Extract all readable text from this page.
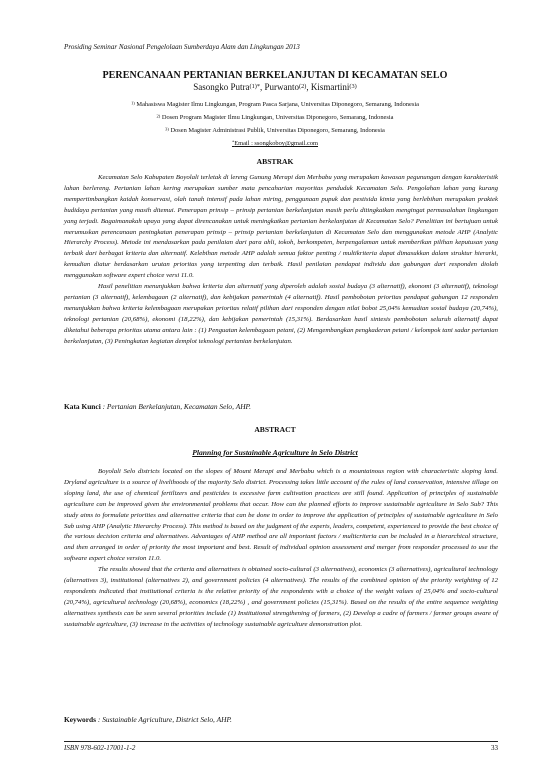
Prosiding Seminar Nasional Pengelolaan Sumberdaya Alam dan Lingkungan 2013
PERENCANAAN PERTANIAN BERKELANJUTAN DI KECAMATAN SELO
Sasongko Putra$^{(1)*}$, Purwanto$^{(2)}$, Kismartini$^{(3)}$
$^{1)}$ Mahasiswa Magister Ilmu Lingkungan, Program Pasca Sarjana, Universitas Diponegoro, Semarang, Indonesia
$^{2)}$ Dosen Program Magister Ilmu Lingkungan, Universitas Diponegoro, Semarang, Indonesia
$^{3)}$ Dosen Magister Administrasi Publik, Universitas Diponegoro, Semarang, Indonesia
*Email : ssongkoboy@gmail.com
ABSTRAK

Kecamatan Selo Kabupaten Boyolali terletak di lereng Gunung Merapi dan Merbabu yang merupakan kawasan pegunungan dengan karakteristik lahan berlereng. Pertanian lahan kering merupakan sumber mata pencaharian mayoritas penduduk Kecamatan Selo. Pengolahan lahan yang kurang mempertimbangkan kaidah konservasi, olah tanah intensif pada lahan miring, penggunaan pupuk dan pestisida kimia yang berlebihan merupakan praktek budidaya pertanian yang masih ditemui. Penerapan prinsip – prinsip pertanian berkelanjutan masih perlu ditingkatkan mengingat permasalahan lingkungan yang terjadi. Bagaimanakah upaya yang dapat direncanakan untuk meningkatkan pertanian berkelanjutan di Kecamatan Selo? Penelitian ini bertujuan untuk merumuskan perencanaan peningkatan penerapan prinsip – prinsip pertanian berkelanjutan di Kecamatan Selo dan menggunakan metode AHP (Analytic Hierarchy Process). Metode ini mendasarkan pada penilaian dari para ahli, tokoh, berkompeten, berpengalaman untuk memberikan pilihan keputusan yang terbaik dari berbagai kriteria dan alternatif. Kelebihan metode AHP adalah semua faktor penting / multikriteria dapat dimasukkan dalam struktur hierarki, kemudian diatur berdasarkan urutan prioritas yang terpenting dan terbaik. Hasil penilaian pendapat individu dan gabungan dari responden diolah menggunakan software expert choice versi 11.0.

Hasil penelitian menunjukkan bahwa kriteria dan alternatif yang diperoleh adalah sosial budaya (3 alternatif), ekonomi (3 alternatif), teknologi pertanian (3 alternatif), kelembagaan (2 alternatif), dan kebijakan pemerintah (4 alternatif). Hasil pembobotan prioritas pendapat gabungan 12 responden menunjukkan bahwa kriteria kelembagaan merupakan prioritas relatif pilihan dari responden dengan nilai bobot 25,04% kemudian sosial budaya (20,74%), teknologi pertanian (20,68%), ekonomi (18,22%), dan kebijakan pemerintah (15,31%). Berdasarkan hasil sintesis pembobotan seluruh alternatif dapat diketahui beberapa prioritas utama antara lain : (1) Penguatan kelembagaan petani, (2) Mengembangkan pengkaderan petani / kelompok tani sadar pertanian berkelanjutan, (3) Peningkatan kegiatan demplot teknologi pertanian berkelanjutan.

Kata Kunci : Pertanian Berkelanjutan, Kecamatan Selo, AHP.
ABSTRACT
Planning for Sustainable Agriculture in Selo District

Boyolali Selo districts located on the slopes of Mount Merapi and Merbabu which is a mountainous region with characteristic sloping land. Dryland agriculture is a source of livelihoods of the majority Selo district. Processing takes little account of the rules of land conservation, intensive tillage on sloping land, the use of chemical fertilizers and pesticides is excessive farm cultivation practices are still found. Application of principles of sustainable agriculture can be improved given the environmental problems that occur. How can the planned efforts to improve sustainable agriculture in Selo Sub? This study aims to formulate priorities and alternative criteria that can be done in order to improve the application of principles of sustainable agriculture in Selo Sub using AHP (Analytic Hierarchy Process). This method is based on the judgment of the experts, leaders, competent, experienced to provide the best choice of the various decision criteria and alternatives. Advantages of AHP method are all important factors / multicriteria can be included in a hierarchical structure, and then arranged in order of priority the most important and best. Result of individual opinion assessment and merger from responder processed to use the software expert choice version 11.0.

The results showed that the criteria and alternatives is obtained socio-cultural (3 alternatives), economics (3 alternatives), agricultural technology (alternatives 3), institutional (alternatives 2), and government policies (4 alternatives). The results of the combined opinion of the priority weighting of 12 respondents indicated that institutional criteria is the relative priority of the respondents with a choice of the weight values of 25,04% and socio-cultural (20,74%), agricultural technology (20,68%), economics (18,22%) , and government policies (15,31%). Based on the results of the entire sequence weighting alternatives synthesis can be seen several priorities include (1) Institutional strengthening of farmers, (2) Develop a cadre of farmers / farmer groups aware of sustainable agriculture, (3) increase in the activities of technology sustainable agriculture demonstration plot.

Keywords : Sustainable Agriculture, District Selo, AHP.
ISBN 978-602-17001-1-2	33
